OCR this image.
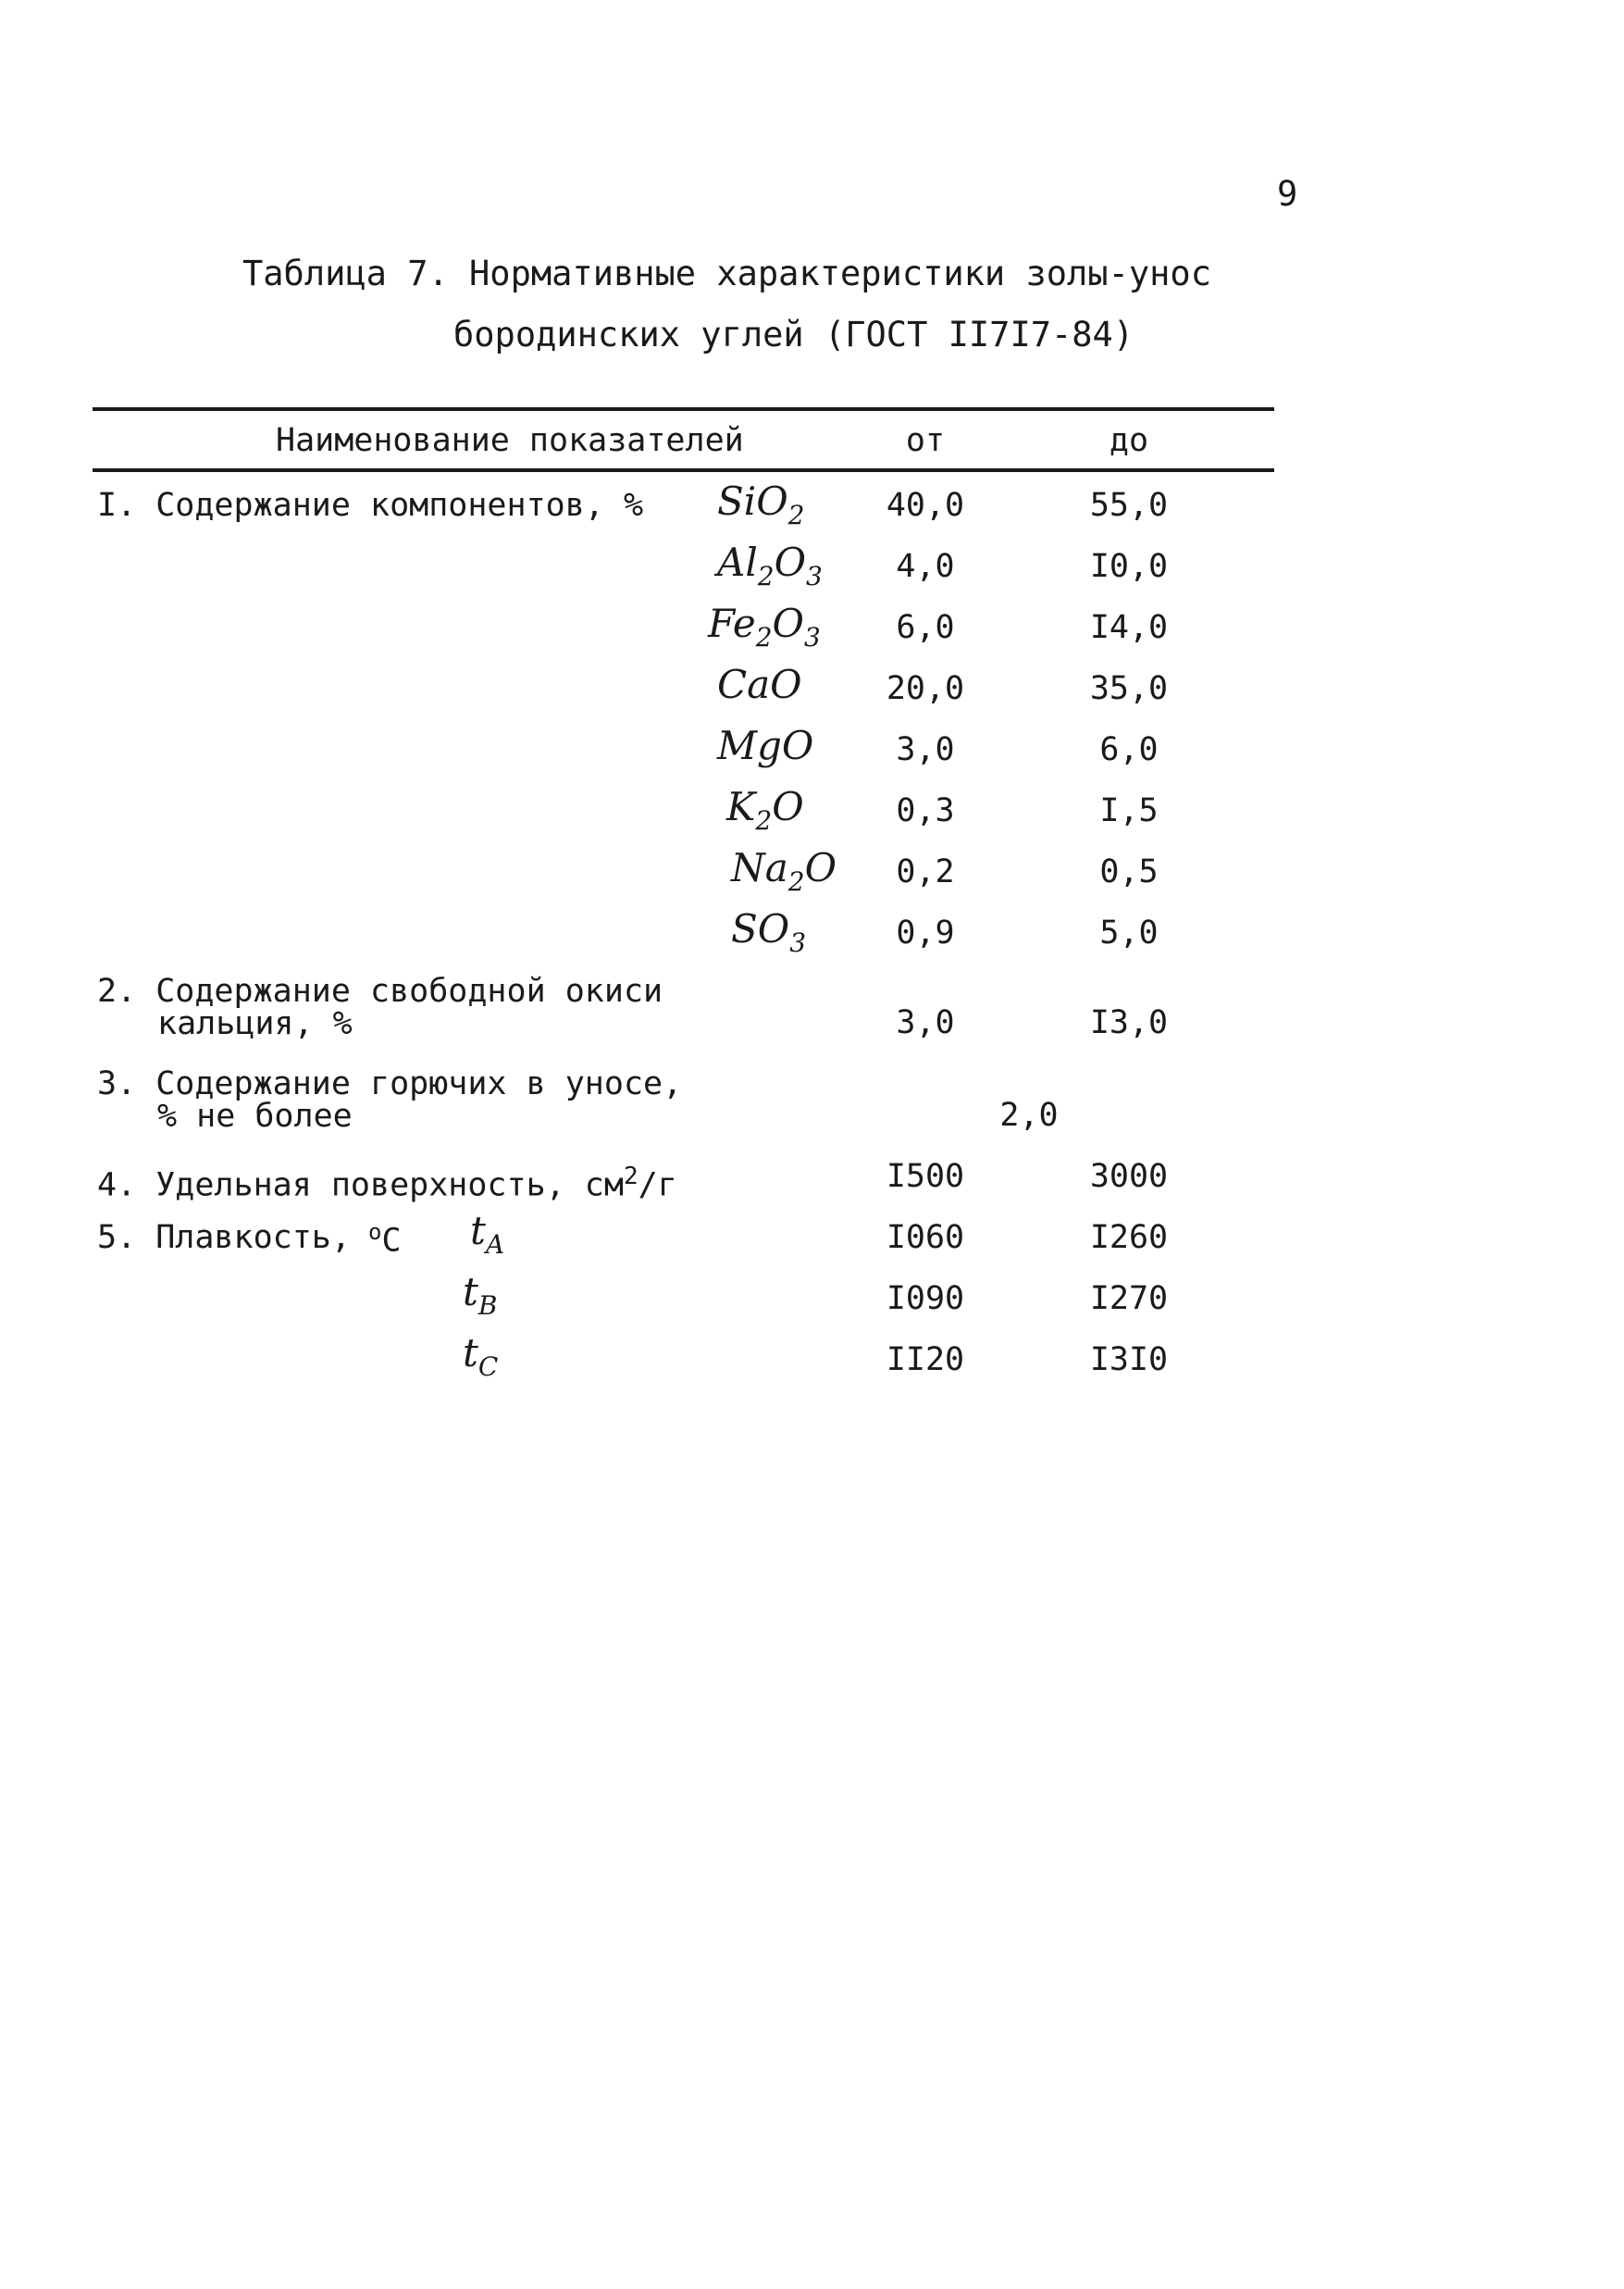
9
Таблица 7. Нормативные характеристики золы-унос
бородинских углей (ГОСТ II7I7-84)
Наименование показателей	от	до
I. Содержание компонентов, % SiO$_2$	40,0	55,0
$Al_2O_3$	4,0	I0,0
$Fe_2O_3$	6,0	I4,0
CaO	20,0	35,0
MgO	3,0	6,0
$K_2O$	0,3	I,5
$Na_2O$	0,2	0,5
$SO_3$	0,9	5,0
2. Содержание свободной окиси
кальция, %	3,0	I3,0
3. Содержание горючих в уносе,
% не более	2,0
4. Удельная поверхность, $см^2/г$	I500	3000
5. Плавкость, $^о$C $t_A$	I060	I260
$t_B$	I090	I270
$t_C$	II20	I3I0
